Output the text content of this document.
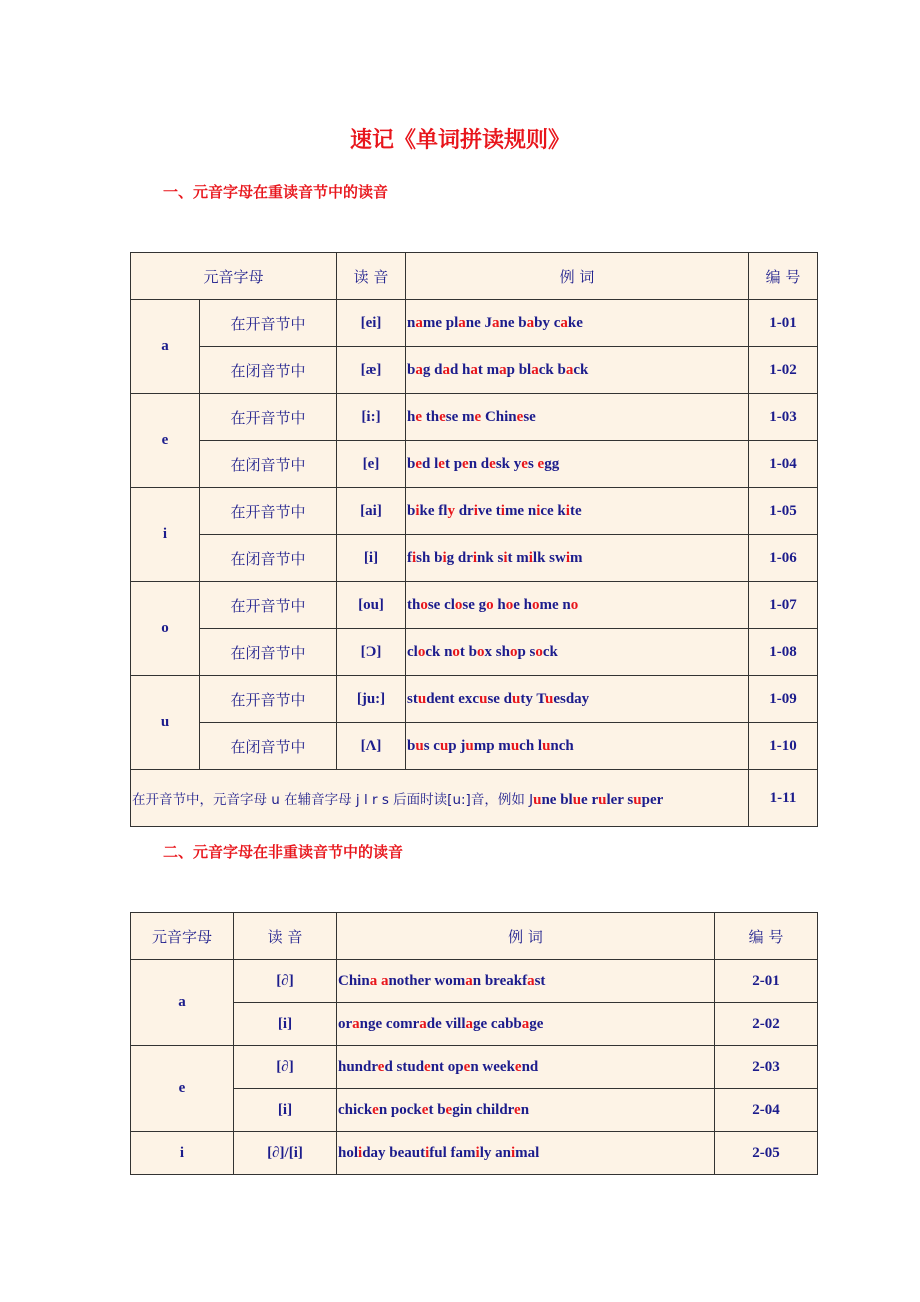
速记《单词拼读规则》
一、元音字母在重读音节中的读音
元音字母		读 音	例 词	编 号
a	在开音节中	[ei]	name plane Jane baby cake	1-01
	在闭音节中	[æ]	bag dad hat map black back	1-02
e	在开音节中	[i:]	he these me Chinese	1-03
	在闭音节中	[e]	bed let pen desk yes egg	1-04
i	在开音节中	[ai]	bike fly drive time nice kite	1-05
	在闭音节中	[i]	fish big drink sit milk swim	1-06
o	在开音节中	[ou]	those close go hoe home no	1-07
	在闭音节中	[Ͻ]	clock not box shop sock	1-08
u	在开音节中	[ju:]	student excuse duty Tuesday	1-09
	在闭音节中	[Λ]	bus cup jump much lunch	1-10
在开音节中，元音字母 u 在辅音字母 j l r s 后面时读[u:]音，例如 June blue ruler super				1-11
二、元音字母在非重读音节中的读音
元音字母	读 音	例 词	编 号
a	[∂]	China another woman breakfast	2-01
	[i]	orange comrade village cabbage	2-02
e	[∂]	hundred student open weekend	2-03
	[i]	chicken pocket begin children	2-04
i	[∂]/[i]	holiday beautiful family animal	2-05
